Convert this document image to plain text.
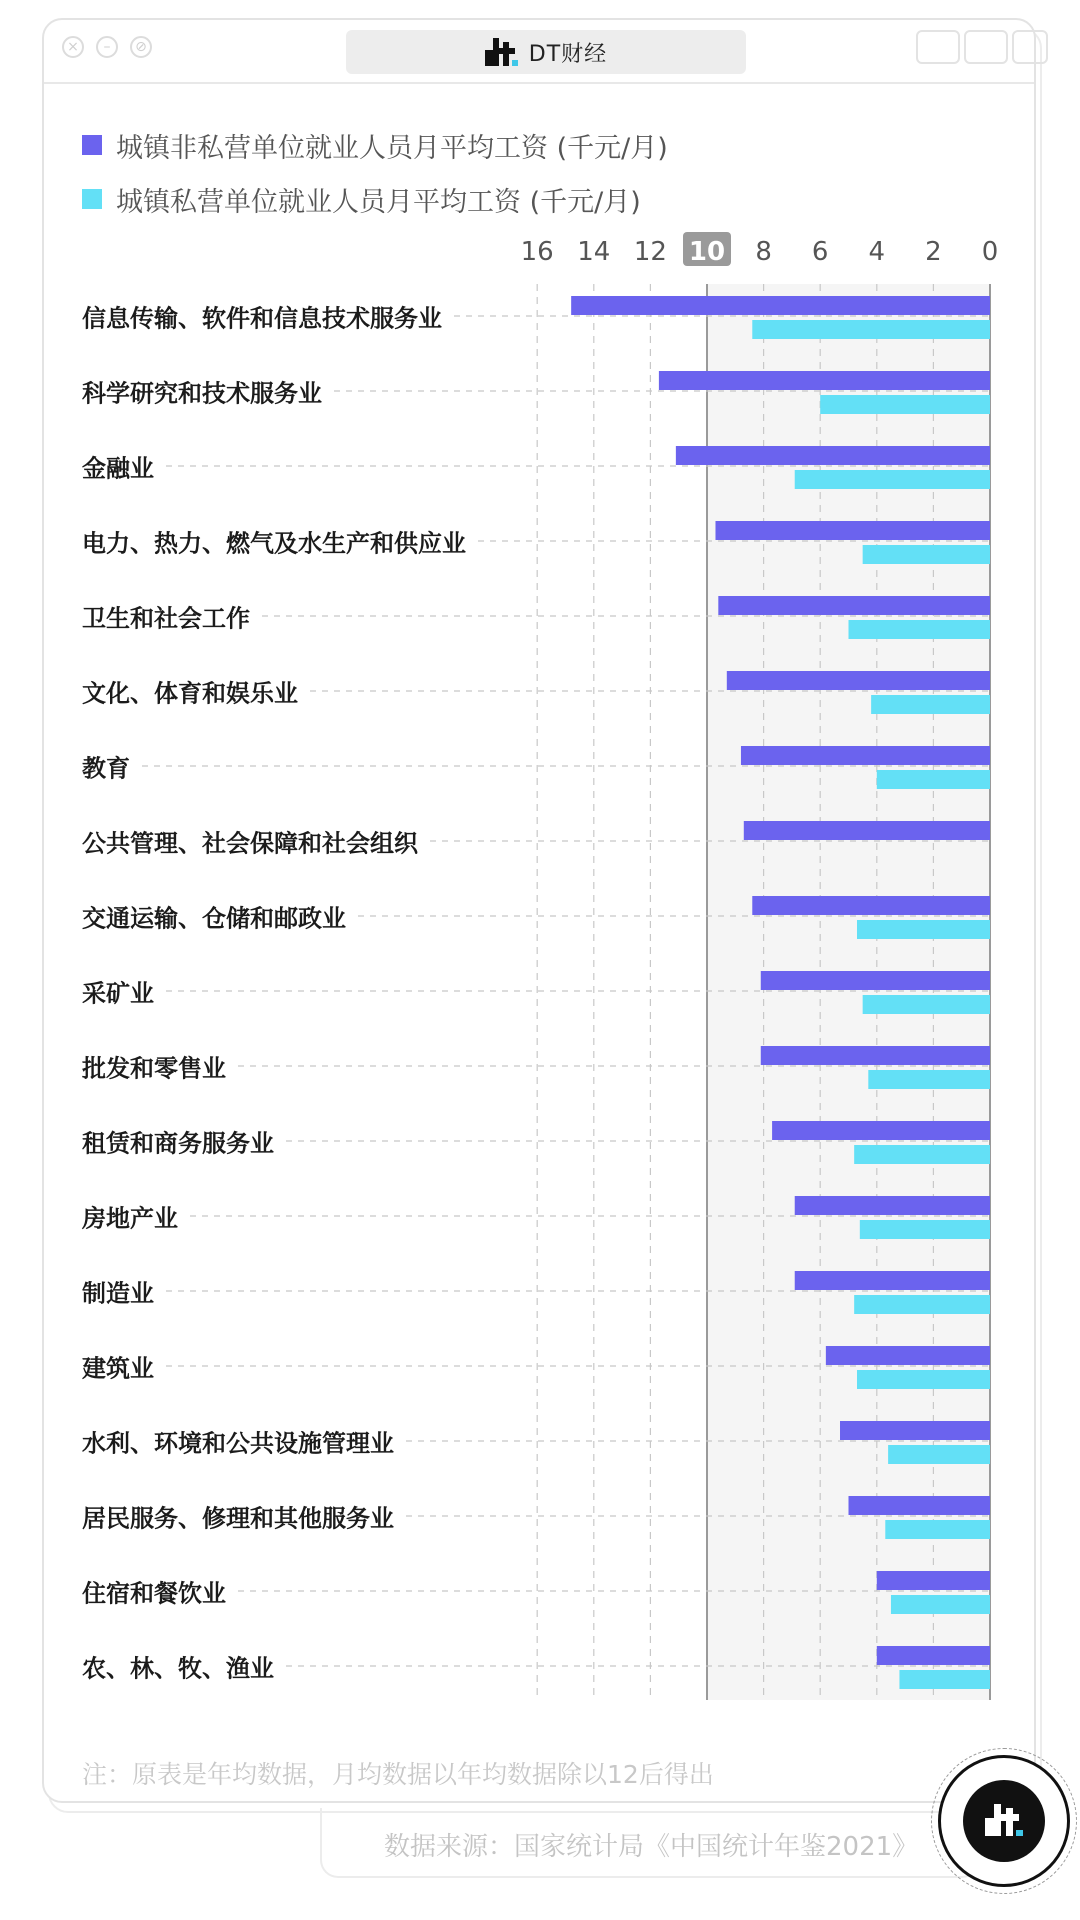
×	–	⊘	DT财经
城镇非私营单位就业人员月平均工资 (千元/月)
城镇私营单位就业人员月平均工资 (千元/月)
16 14 12 10 8 6 4 2 0
信息传输、软件和信息技术服务业
科学研究和技术服务业
金融业
电力、热力、燃气及水生产和供应业
卫生和社会工作
文化、体育和娱乐业
教育
公共管理、社会保障和社会组织
交通运输、仓储和邮政业
采矿业
批发和零售业
租赁和商务服务业
房地产业
制造业
建筑业
水利、环境和公共设施管理业
居民服务、修理和其他服务业
住宿和餐饮业
农、林、牧、渔业
注：原表是年均数据，月均数据以年均数据除以12后得出
数据来源：国家统计局《中国统计年鉴2021》
